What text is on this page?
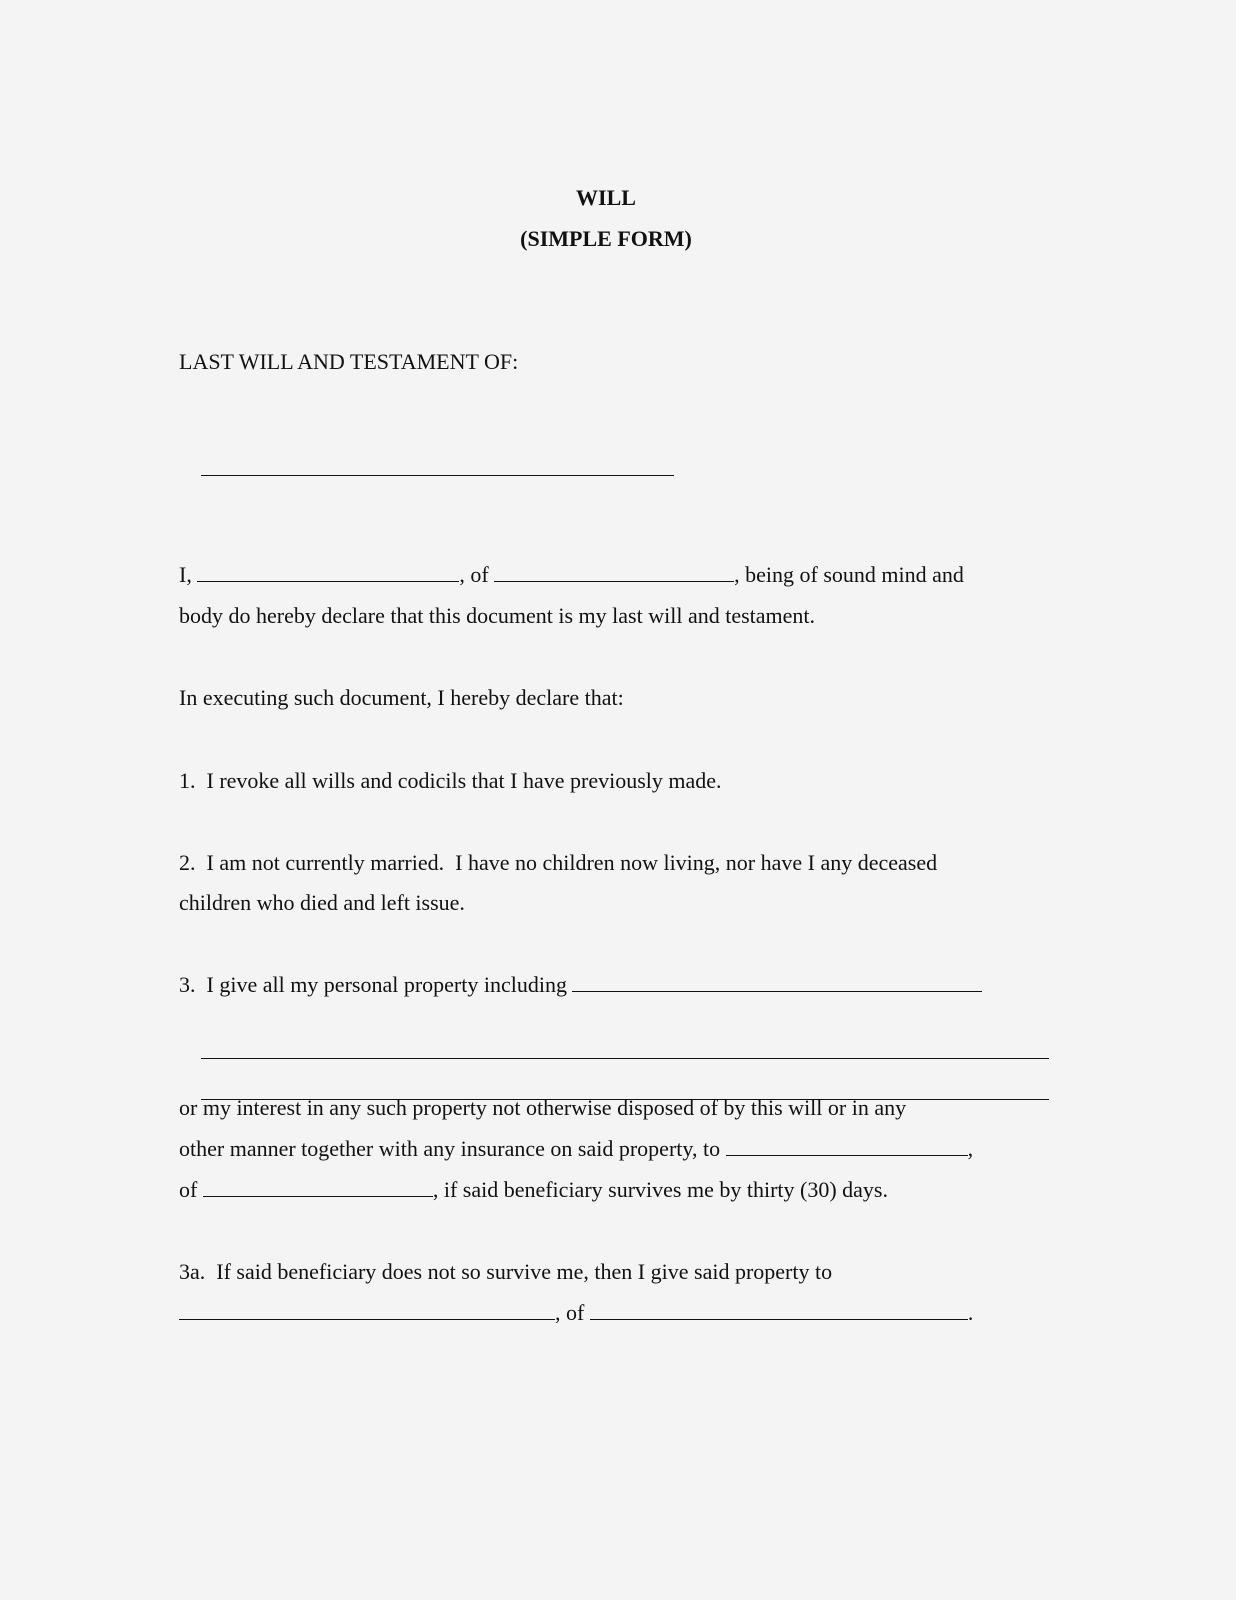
WILL
(SIMPLE FORM)
LAST WILL AND TESTAMENT OF:

I,	, of	, being of sound mind and
body do hereby declare that this document is my last will and testament.
In executing such document, I hereby declare that:
1.  I revoke all wills and codicils that I have previously made.
2.  I am not currently married.  I have no children now living, nor have I any deceased
children who died and left issue.
3.  I give all my personal property including

or my interest in any such property not otherwise disposed of by this will or in any
other manner together with any insurance on said property, to	,
of	, if said beneficiary survives me by thirty (30) days.
3a.  If said beneficiary does not so survive me, then I give said property to
, of	.
